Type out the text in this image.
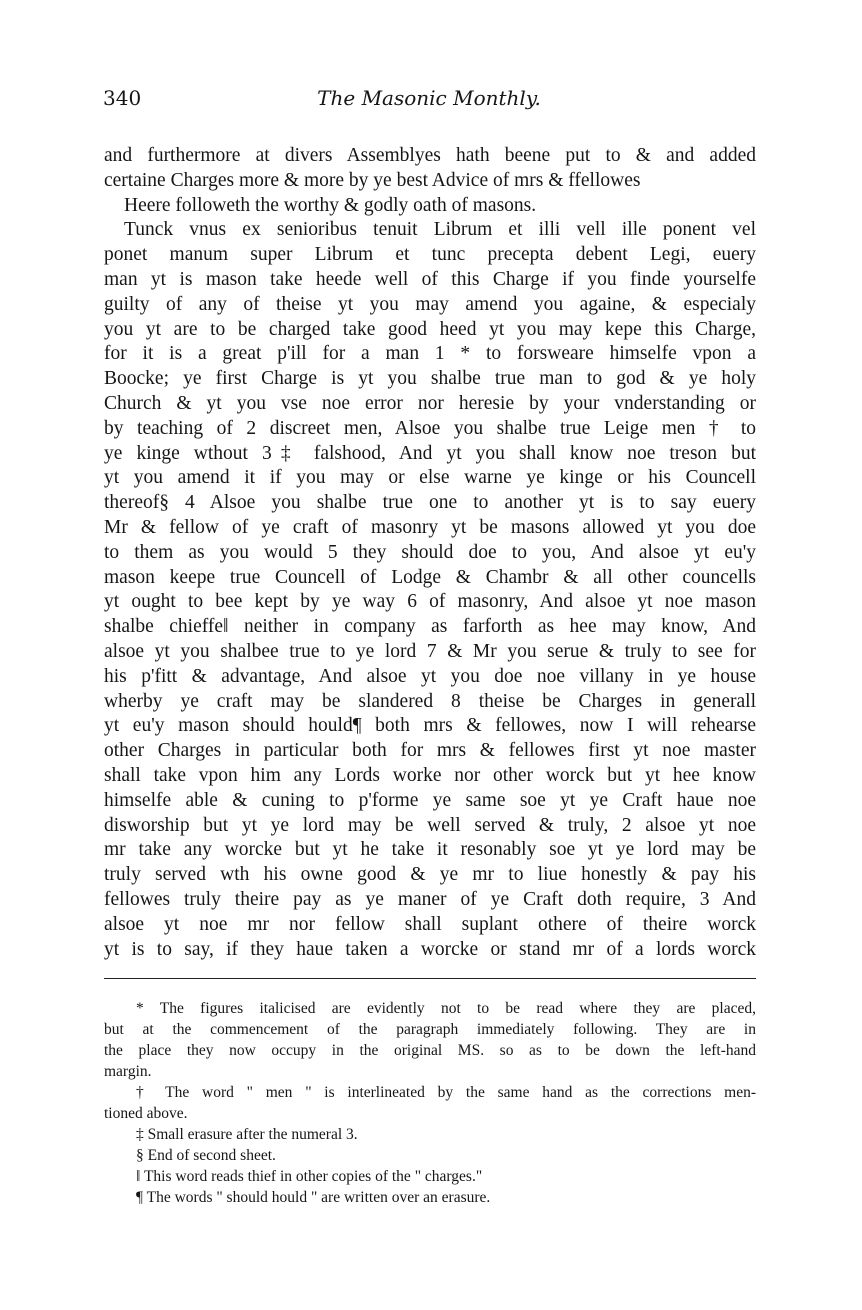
340	The Masonic Monthly.
and furthermore at divers Assemblyes hath beene put to & and added
certaine Charges more & more by ye best Advice of mrs & ffellowes
Heere followeth the worthy & godly oath of masons.
Tunck vnus ex senioribus tenuit Librum et illi vell ille ponent vel
ponet manum super Librum et tunc precepta debent Legi, euery
man yt is mason take heede well of this Charge if you finde yourselfe
guilty of any of theise yt you may amend you againe, & especialy
you yt are to be charged take good heed yt you may kepe this Charge,
for it is a great p'ill for a man 1 * to forsweare himselfe vpon a
Boocke; ye first Charge is yt you shalbe true man to god & ye holy
Church & yt you vse noe error nor heresie by your vnderstanding or
by teaching of 2 discreet men, Alsoe you shalbe true Leige men † to
ye kinge wthout 3‡ falshood, And yt you shall know noe treson but
yt you amend it if you may or else warne ye kinge or his Councell
thereof§ 4 Alsoe you shalbe true one to another yt is to say euery
Mr & fellow of ye craft of masonry yt be masons allowed yt you doe
to them as you would 5 they should doe to you, And alsoe yt eu'y
mason keepe true Councell of Lodge & Chambr & all other councells
yt ought to bee kept by ye way 6 of masonry, And alsoe yt noe mason
shalbe chieffe‖ neither in company as farforth as hee may know, And
alsoe yt you shalbee true to ye lord 7 & Mr you serue & truly to see for
his p'fitt & advantage, And alsoe yt you doe noe villany in ye house
wherby ye craft may be slandered 8 theise be Charges in generall
yt eu'y mason should hould¶ both mrs & fellowes, now I will rehearse
other Charges in particular both for mrs & fellowes first yt noe master
shall take vpon him any Lords worke nor other worck but yt hee know
himselfe able & cuning to p'forme ye same soe yt ye Craft haue noe
disworship but yt ye lord may be well served & truly, 2 alsoe yt noe
mr take any worcke but yt he take it resonably soe yt ye lord may be
truly served wth his owne good & ye mr to liue honestly & pay his
fellowes truly theire pay as ye maner of ye Craft doth require, 3 And
alsoe yt noe mr nor fellow shall suplant othere of theire worck
yt is to say, if they haue taken a worcke or stand mr of a lords worck
* The figures italicised are evidently not to be read where they are placed,
but at the commencement of the paragraph immediately following. They are in
the place they now occupy in the original MS. so as to be down the left-hand
margin.
† The word " men " is interlineated by the same hand as the corrections men-
tioned above.
‡ Small erasure after the numeral 3.
§ End of second sheet.
‖ This word reads thief in other copies of the " charges."
¶ The words " should hould " are written over an erasure.
